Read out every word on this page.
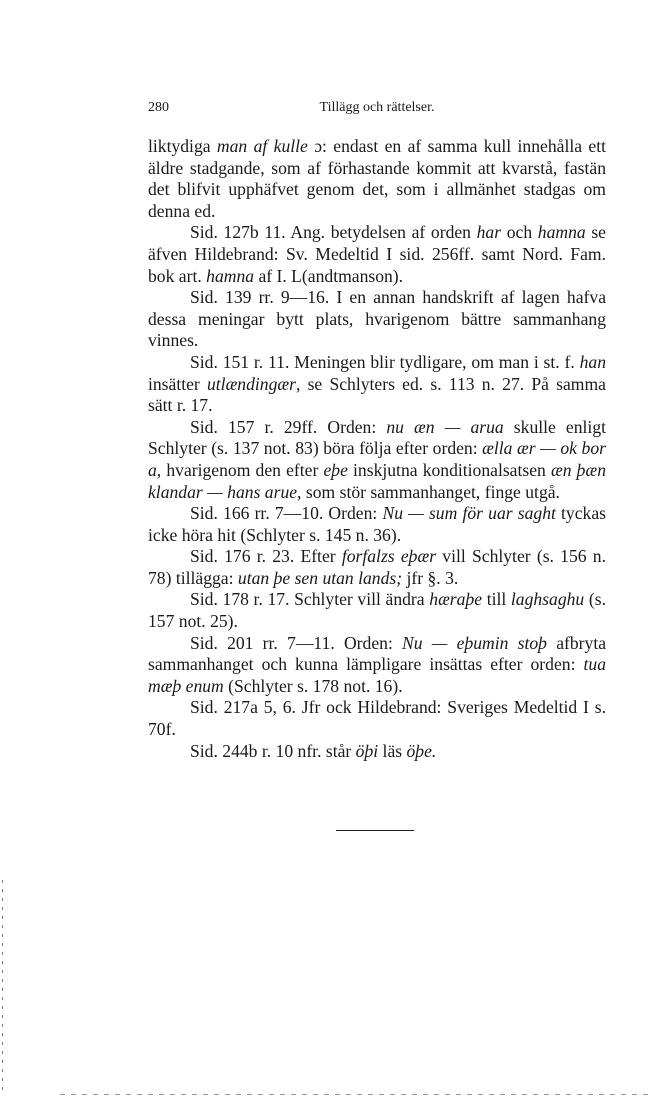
280	Tillägg och rättelser.

liktydiga man af kulle ɔ: endast en af samma kull innehålla ett äldre stadgande, som af förhastande kommit att kvarstå, fastän det blifvit upphäfvet genom det, som i allmänhet stadgas om denna ed.

Sid. 127b 11. Ang. betydelsen af orden har och hamna se äfven Hildebrand: Sv. Medeltid I sid. 256ff. samt Nord. Fam. bok art. hamna af I. L(andtmanson).

Sid. 139 rr. 9—16. I en annan handskrift af lagen hafva dessa meningar bytt plats, hvarigenom bättre sammanhang vinnes.

Sid. 151 r. 11. Meningen blir tydligare, om man i st. f. han insätter utlændingær, se Schlyters ed. s. 113 n. 27. På samma sätt r. 17.

Sid. 157 r. 29ff. Orden: nu æn — arua skulle enligt Schlyter (s. 137 not. 83) böra följa efter orden: ælla ær — ok bor a, hvarigenom den efter eþe inskjutna konditionalsatsen æn þæn klandar — hans arue, som stör sammanhanget, finge utgå.

Sid. 166 rr. 7—10. Orden: Nu — sum för uar saght tyckas icke höra hit (Schlyter s. 145 n. 36).

Sid. 176 r. 23. Efter forfalzs eþær vill Schlyter (s. 156 n. 78) tillägga: utan þe sen utan lands; jfr §. 3.

Sid. 178 r. 17. Schlyter vill ändra hæraþe till laghsaghu (s. 157 not. 25).

Sid. 201 rr. 7—11. Orden: Nu — eþumin stoþ afbryta sammanhanget och kunna lämpligare insättas efter orden: tua mæþ enum (Schlyter s. 178 not. 16).

Sid. 217a 5, 6. Jfr ock Hildebrand: Sveriges Medeltid I s. 70f.

Sid. 244b r. 10 nfr. står öþi läs öþe.
